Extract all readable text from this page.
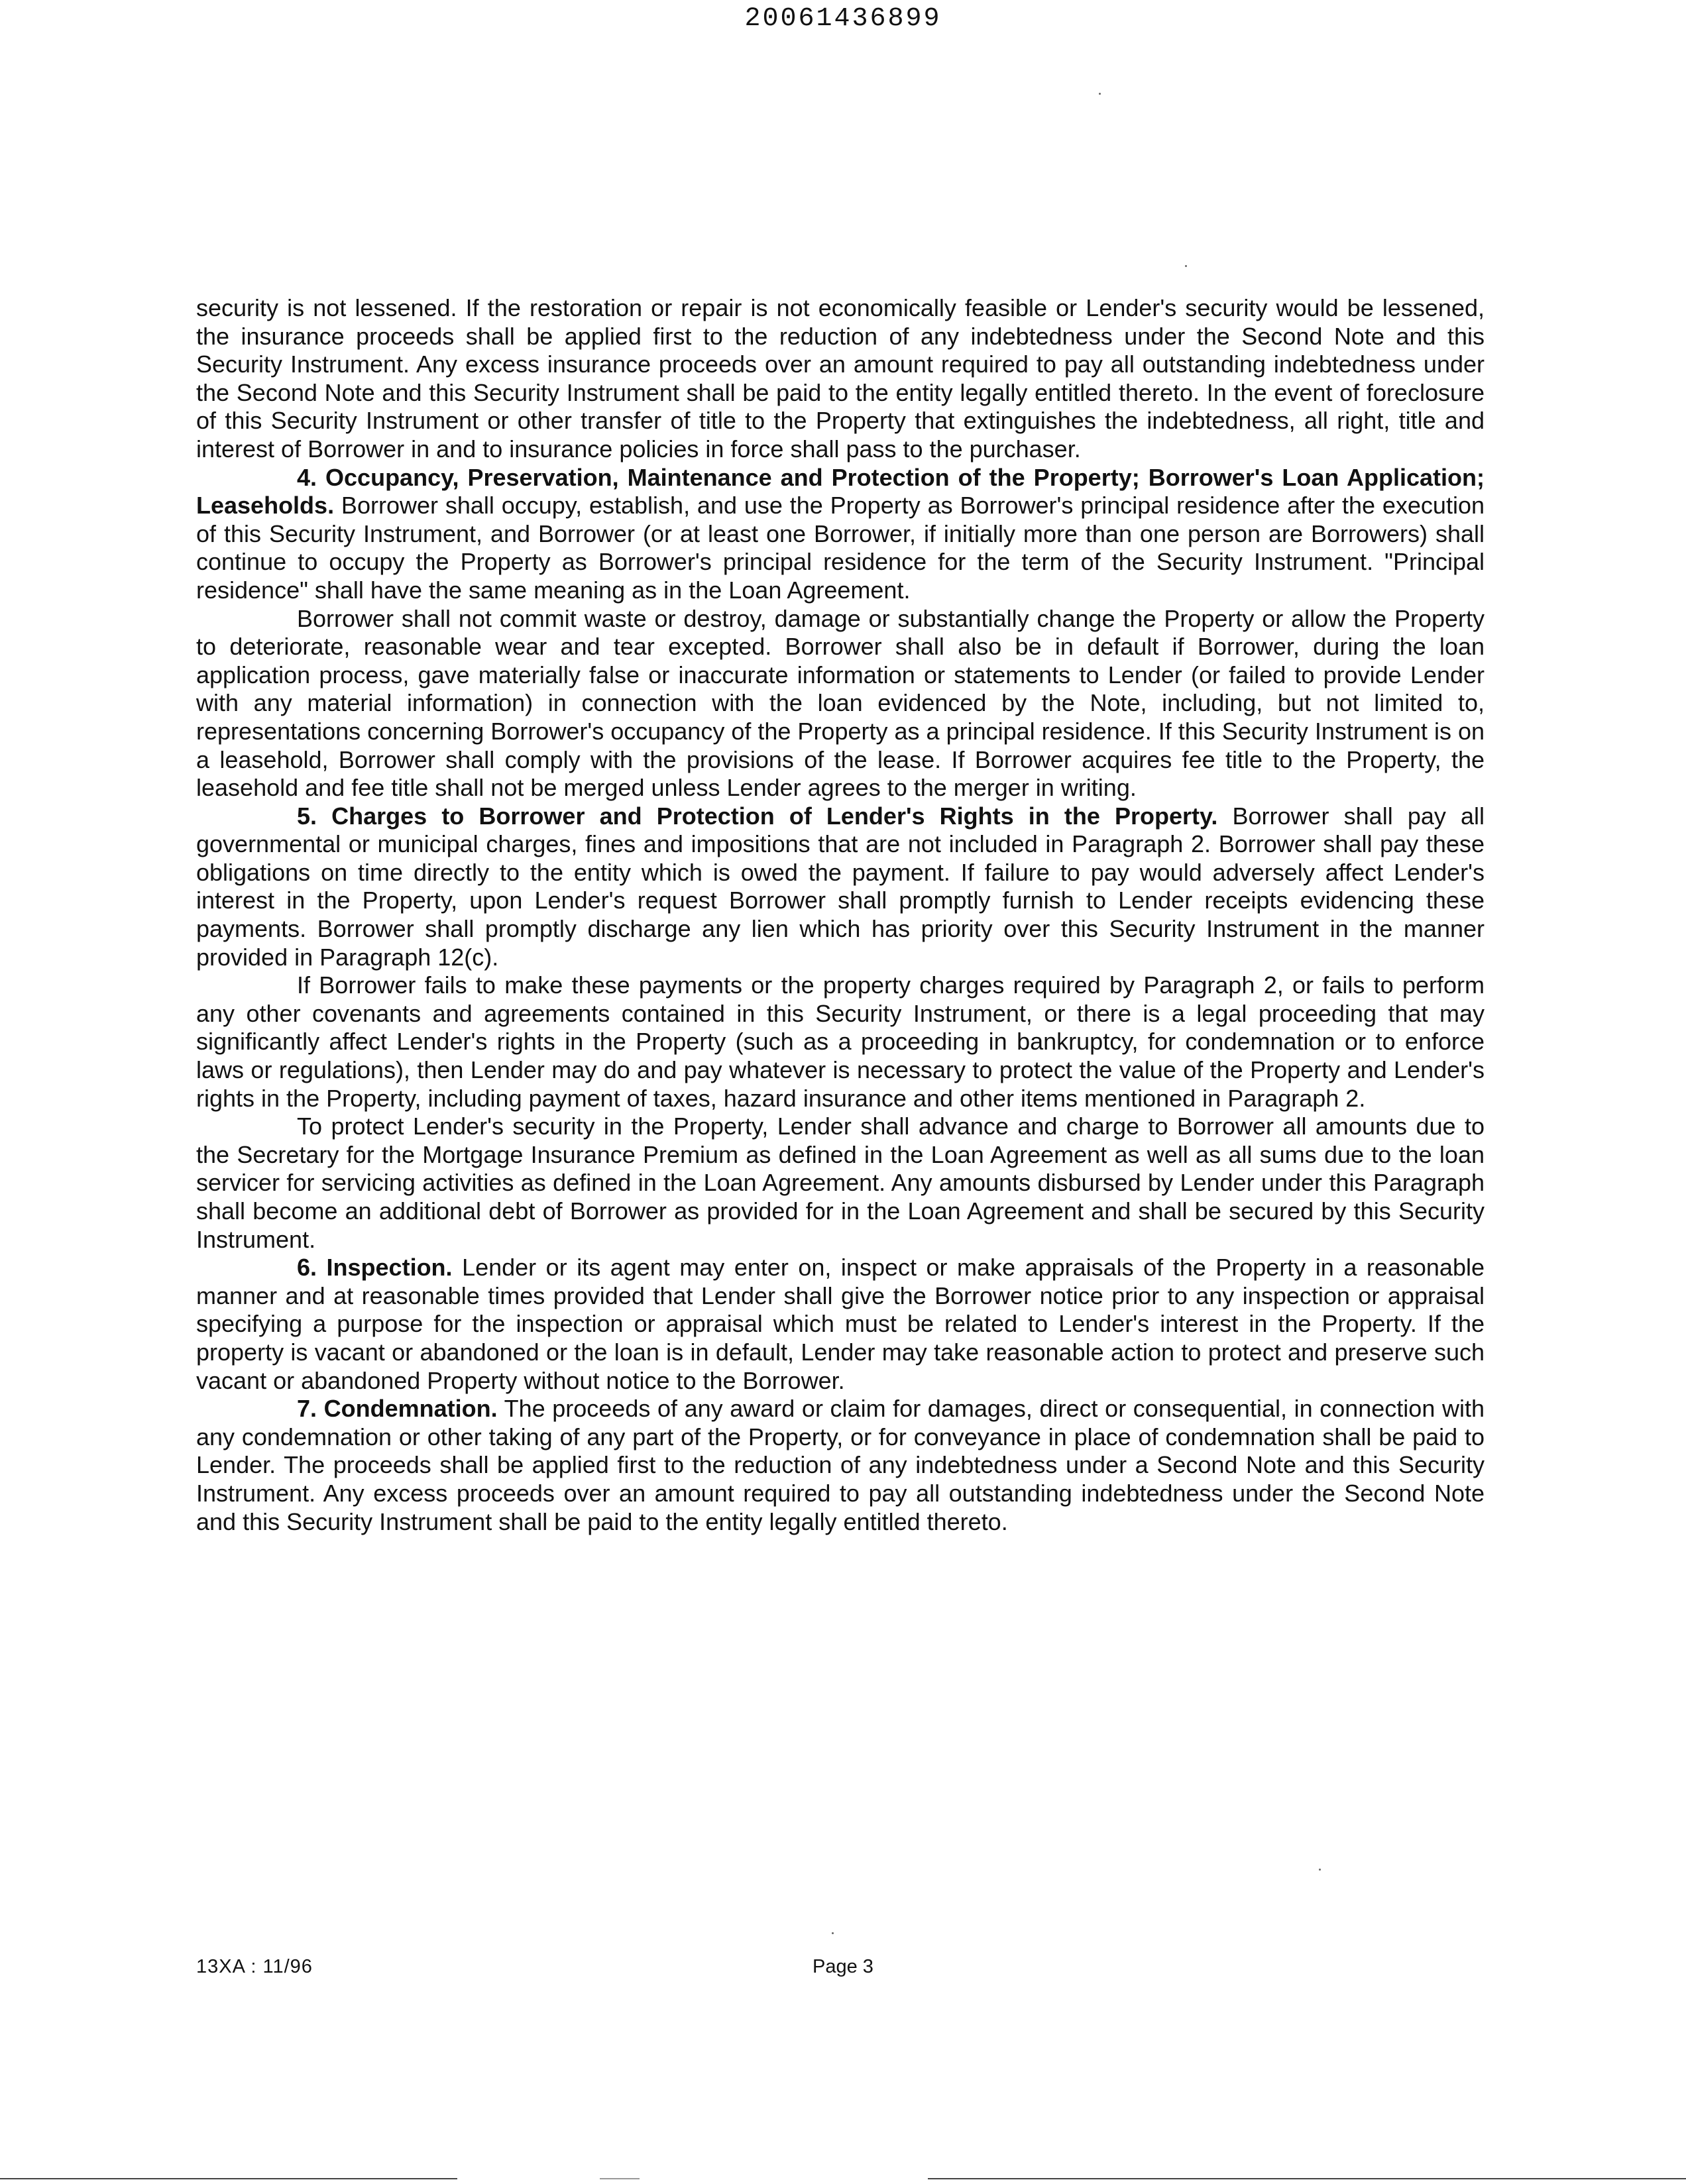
20061436899

security is not lessened. If the restoration or repair is not economically feasible or Lender's security would be lessened, the insurance proceeds shall be applied first to the reduction of any indebtedness under the Second Note and this Security Instrument. Any excess insurance proceeds over an amount required to pay all outstanding indebtedness under the Second Note and this Security Instrument shall be paid to the entity legally entitled thereto. In the event of foreclosure of this Security Instrument or other transfer of title to the Property that extinguishes the indebtedness, all right, title and interest of Borrower in and to insurance policies in force shall pass to the purchaser.

4. Occupancy, Preservation, Maintenance and Protection of the Property; Borrower's Loan Application; Leaseholds. Borrower shall occupy, establish, and use the Property as Borrower's principal residence after the execution of this Security Instrument, and Borrower (or at least one Borrower, if initially more than one person are Borrowers) shall continue to occupy the Property as Borrower's principal residence for the term of the Security Instrument. "Principal residence" shall have the same meaning as in the Loan Agreement.

Borrower shall not commit waste or destroy, damage or substantially change the Property or allow the Property to deteriorate, reasonable wear and tear excepted. Borrower shall also be in default if Borrower, during the loan application process, gave materially false or inaccurate information or statements to Lender (or failed to provide Lender with any material information) in connection with the loan evidenced by the Note, including, but not limited to, representations concerning Borrower's occupancy of the Property as a principal residence. If this Security Instrument is on a leasehold, Borrower shall comply with the provisions of the lease. If Borrower acquires fee title to the Property, the leasehold and fee title shall not be merged unless Lender agrees to the merger in writing.

5. Charges to Borrower and Protection of Lender's Rights in the Property. Borrower shall pay all governmental or municipal charges, fines and impositions that are not included in Paragraph 2. Borrower shall pay these obligations on time directly to the entity which is owed the payment. If failure to pay would adversely affect Lender's interest in the Property, upon Lender's request Borrower shall promptly furnish to Lender receipts evidencing these payments. Borrower shall promptly discharge any lien which has priority over this Security Instrument in the manner provided in Paragraph 12(c).

If Borrower fails to make these payments or the property charges required by Paragraph 2, or fails to perform any other covenants and agreements contained in this Security Instrument, or there is a legal proceeding that may significantly affect Lender's rights in the Property (such as a proceeding in bankruptcy, for condemnation or to enforce laws or regulations), then Lender may do and pay whatever is necessary to protect the value of the Property and Lender's rights in the Property, including payment of taxes, hazard insurance and other items mentioned in Paragraph 2.

To protect Lender's security in the Property, Lender shall advance and charge to Borrower all amounts due to the Secretary for the Mortgage Insurance Premium as defined in the Loan Agreement as well as all sums due to the loan servicer for servicing activities as defined in the Loan Agreement. Any amounts disbursed by Lender under this Paragraph shall become an additional debt of Borrower as provided for in the Loan Agreement and shall be secured by this Security Instrument.

6. Inspection. Lender or its agent may enter on, inspect or make appraisals of the Property in a reasonable manner and at reasonable times provided that Lender shall give the Borrower notice prior to any inspection or appraisal specifying a purpose for the inspection or appraisal which must be related to Lender's interest in the Property. If the property is vacant or abandoned or the loan is in default, Lender may take reasonable action to protect and preserve such vacant or abandoned Property without notice to the Borrower.

7. Condemnation. The proceeds of any award or claim for damages, direct or consequential, in connection with any condemnation or other taking of any part of the Property, or for conveyance in place of condemnation shall be paid to Lender. The proceeds shall be applied first to the reduction of any indebtedness under a Second Note and this Security Instrument. Any excess proceeds over an amount required to pay all outstanding indebtedness under the Second Note and this Security Instrument shall be paid to the entity legally entitled thereto.

13XA : 11/96	Page 3
